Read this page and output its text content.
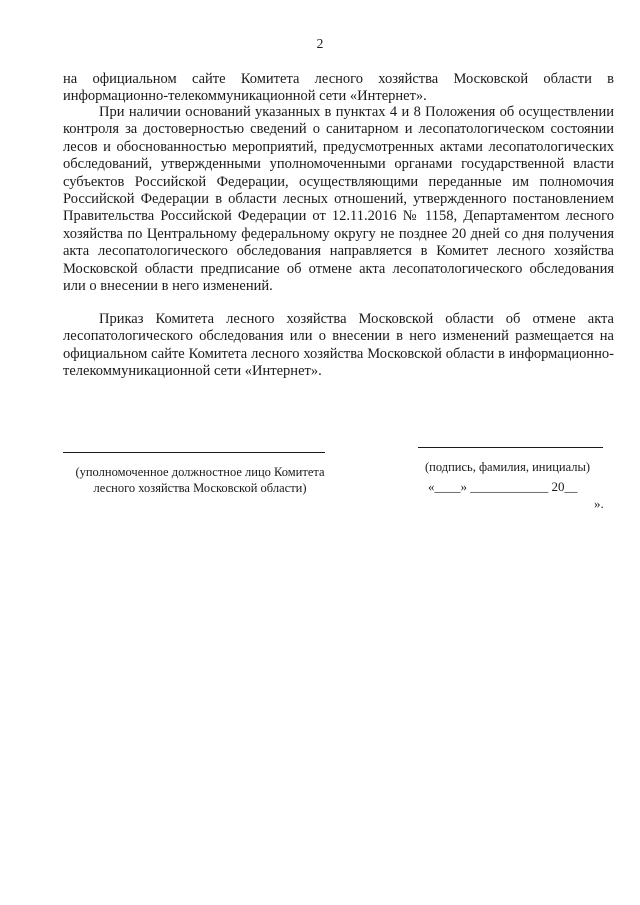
2

на официальном сайте Комитета лесного хозяйства Московской области в информационно-телекоммуникационной сети «Интернет».

При наличии оснований указанных в пунктах 4 и 8 Положения об осуществлении контроля за достоверностью сведений о санитарном и лесопатологическом состоянии лесов и обоснованностью мероприятий, предусмотренных актами лесопатологических обследований, утвержденными уполномоченными органами государственной власти субъектов Российской Федерации, осуществляющими переданные им полномочия Российской Федерации в области лесных отношений, утвержденного постановлением Правительства Российской Федерации от 12.11.2016 № 1158, Департаментом лесного хозяйства по Центральному федеральному округу не позднее 20 дней со дня получения акта лесопатологического обследования направляется в Комитет лесного хозяйства Московской области предписание об отмене акта лесопатологического обследования или о внесении в него изменений.

Приказ Комитета лесного хозяйства Московской области об отмене акта лесопатологического обследования или о внесении в него изменений размещается на официальном сайте Комитета лесного хозяйства Московской области в информационно-телекоммуникационной сети «Интернет».

(уполномоченное должностное лицо Комитета
лесного хозяйства Московской области)
(подпись, фамилия, инициалы)
«____» ____________ 20__
».
